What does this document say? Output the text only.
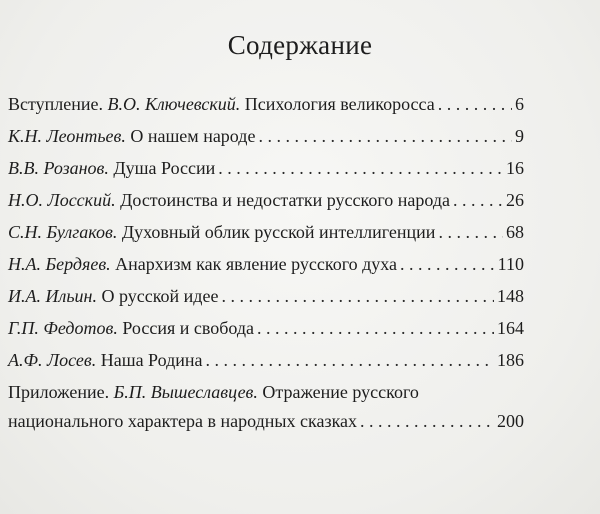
Содержание
Вступление. В.О. Ключевский. Психология великоросса . . .	6
К.Н. Леонтьев. О нашем народе . . .	9
В.В. Розанов. Душа России . . .	16
Н.О. Лосский. Достоинства и недостатки русского народа . . .	26
С.Н. Булгаков. Духовный облик русской интеллигенции . . .	68
Н.А. Бердяев. Анархизм как явление русского духа . . .	110
И.А. Ильин. О русской идее . . .	148
Г.П. Федотов. Россия и свобода . . .	164
А.Ф. Лосев. Наша Родина . . .	186
Приложение. Б.П. Вышеславцев. Отражение русского
национального характера в народных сказках . . .	200
